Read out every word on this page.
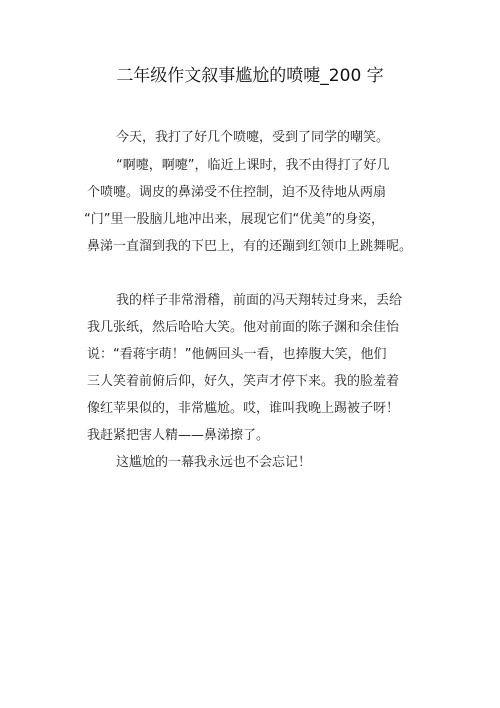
二年级作文叙事尴尬的喷嚏_200 字
今天，我打了好几个喷嚏，受到了同学的嘲笑。
“啊嚏，啊嚏”，临近上课时，我不由得打了好几
个喷嚏。调皮的鼻涕受不住控制，迫不及待地从两扇
“门”里一股脑儿地冲出来，展现它们“优美”的身姿，
鼻涕一直溜到我的下巴上，有的还蹦到红领巾上跳舞呢。
我的样子非常滑稽，前面的冯天翔转过身来，丢给
我几张纸，然后哈哈大笑。他对前面的陈子渊和余佳怡
说：“看蒋宇萌！”他俩回头一看，也捧腹大笑，他们
三人笑着前俯后仰，好久，笑声才停下来。我的脸羞着
像红苹果似的，非常尴尬。哎，谁叫我晚上踢被子呀！
我赶紧把害人精——鼻涕擦了。
这尴尬的一幕我永远也不会忘记！
